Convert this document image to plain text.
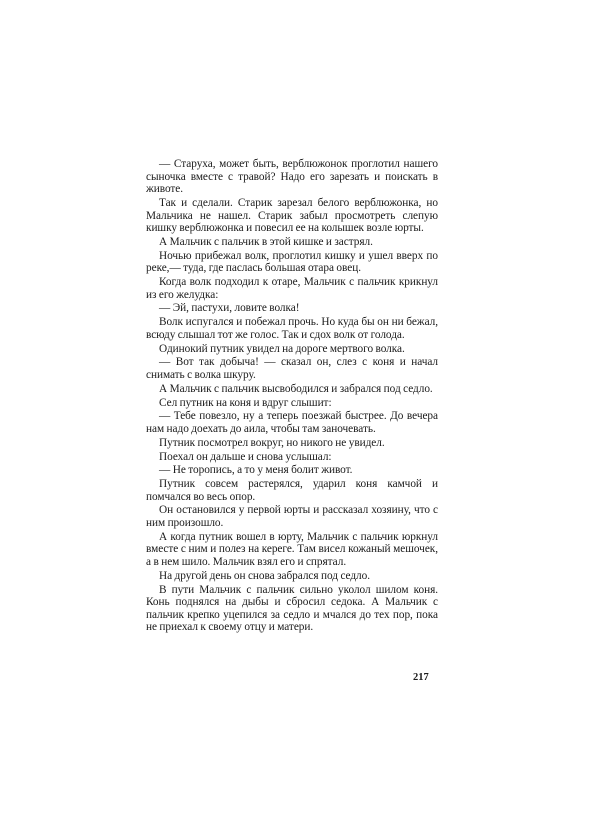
— Старуха, может быть, верблюжонок проглотил нашего сыночка вместе с травой? Надо его зарезать и поискать в животе.

Так и сделали. Старик зарезал белого верблюжонка, но Мальчика не нашел. Старик забыл просмотреть слепую кишку верблюжонка и повесил ее на колышек возле юрты.

А Мальчик с пальчик в этой кишке и застрял.

Ночью прибежал волк, проглотил кишку и ушел вверх по реке,— туда, где паслась большая отара овец.

Когда волк подходил к отаре, Мальчик с пальчик крикнул из его желудка:

— Эй, пастухи, ловите волка!

Волк испугался и побежал прочь. Но куда бы он ни бежал, всюду слышал тот же голос. Так и сдох волк от голода.

Одинокий путник увидел на дороге мертвого волка.

— Вот так добыча! — сказал он, слез с коня и начал снимать с волка шкуру.

А Мальчик с пальчик высвободился и забрался под седло.

Сел путник на коня и вдруг слышит:

— Тебе повезло, ну а теперь поезжай быстрее. До вечера нам надо доехать до аила, чтобы там заночевать.

Путник посмотрел вокруг, но никого не увидел.

Поехал он дальше и снова услышал:

— Не торопись, а то у меня болит живот.

Путник совсем растерялся, ударил коня камчой и помчался во весь опор.

Он остановился у первой юрты и рассказал хозяину, что с ним произошло.

А когда путник вошел в юрту, Мальчик с пальчик юркнул вместе с ним и полез на кереге. Там висел кожаный мешочек, а в нем шило. Мальчик взял его и спрятал.

На другой день он снова забрался под седло.

В пути Мальчик с пальчик сильно уколол шилом коня. Конь поднялся на дыбы и сбросил седока. А Мальчик с пальчик крепко уцепился за седло и мчался до тех пор, пока не приехал к своему отцу и матери.

217
